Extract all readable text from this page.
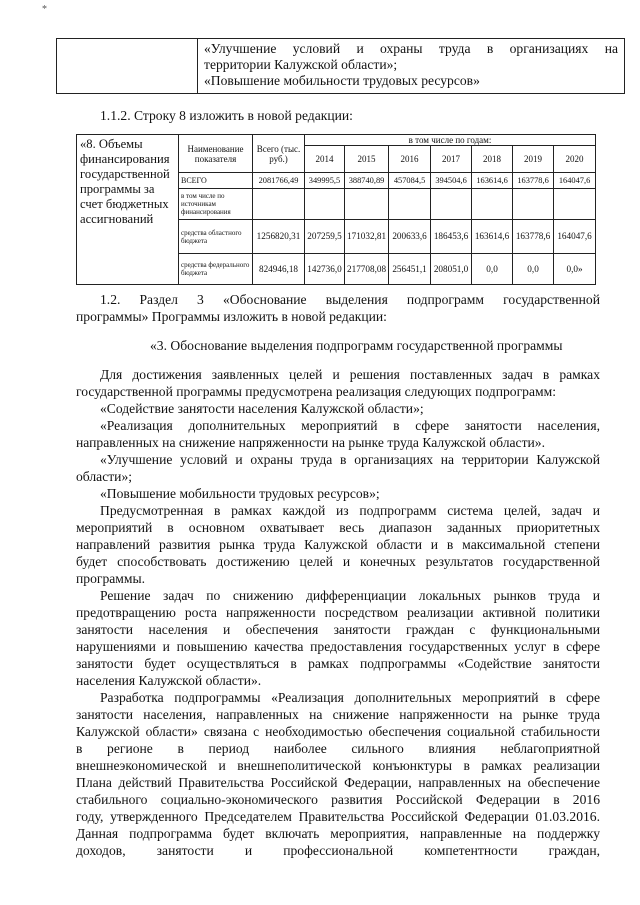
*

«Улучшение условий и охраны труда в организациях на
территории Калужской области»;
«Повышение мобильности трудовых ресурсов»
1.1.2. Строку 8 изложить в новой редакции:
«8. Объемы финансирования государственной программы за счет бюджетных ассигнований	Наименование показателя	Всего (тыс. руб.)	в том числе по годам:						
			2014	2015	2016	2017	2018	2019	2020
	ВСЕГО	2081766,49	349995,5	388740,89	457084,5	394504,6	163614,6	163778,6	164047,6
	в том числе по источникам финансирования								
	средства областного бюджета	1256820,31	207259,5	171032,81	200633,6	186453,6	163614,6	163778,6	164047,6
	средства федерального бюджета	824946,18	142736,0	217708,08	256451,1	208051,0	0,0	0,0	0,0»
1.2. Раздел 3 «Обоснование выделения подпрограмм государственной
программы» Программы изложить в новой редакции:
«3. Обоснование выделения подпрограмм государственной программы
Для достижения заявленных целей и решения поставленных задач в рамках
государственной программы предусмотрена реализация следующих подпрограмм:
«Содействие занятости населения Калужской области»;
«Реализация дополнительных мероприятий в сфере занятости населения,
направленных на снижение напряженности на рынке труда Калужской области».
«Улучшение условий и охраны труда в организациях на территории Калужской
области»;
«Повышение мобильности трудовых ресурсов»;
Предусмотренная в рамках каждой из подпрограмм система целей, задач и
мероприятий в основном охватывает весь диапазон заданных приоритетных
направлений развития рынка труда Калужской области и в максимальной степени
будет способствовать достижению целей и конечных результатов государственной
программы.
Решение задач по снижению дифференциации локальных рынков труда и
предотвращению роста напряженности посредством реализации активной политики
занятости населения и обеспечения занятости граждан с функциональными
нарушениями и повышению качества предоставления государственных услуг в сфере
занятости будет осуществляться в рамках подпрограммы «Содействие занятости
населения Калужской области».
Разработка подпрограммы «Реализация дополнительных мероприятий в сфере
занятости населения, направленных на снижение напряженности на рынке труда
Калужской области» связана с необходимостью обеспечения социальной стабильности
в регионе в период наиболее сильного влияния неблагоприятной
внешнеэкономической и внешнеполитической конъюнктуры в рамках реализации
Плана действий Правительства Российской Федерации, направленных на обеспечение
стабильного социально-экономического развития Российской Федерации в 2016
году, утвержденного Председателем Правительства Российской Федерации 01.03.2016.
Данная подпрограмма будет включать мероприятия, направленные на поддержку
доходов, занятости и профессиональной компетентности граждан,
